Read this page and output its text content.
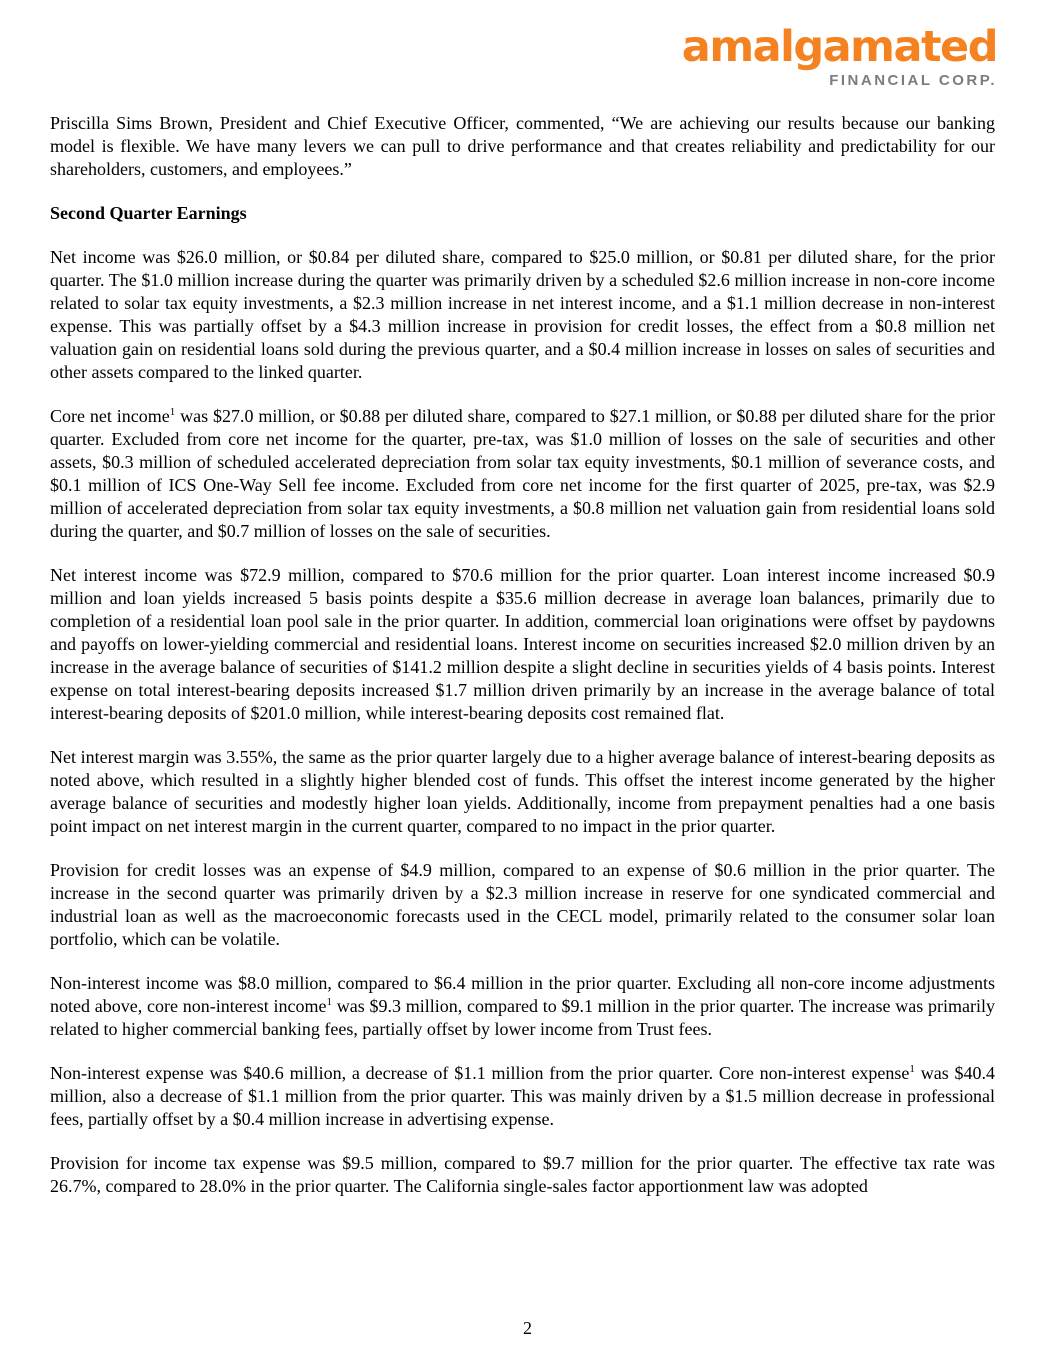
amalgamated
FINANCIAL CORP.

Priscilla Sims Brown, President and Chief Executive Officer, commented, “We are achieving our results because our banking model is flexible. We have many levers we can pull to drive performance and that creates reliability and predictability for our shareholders, customers, and employees.”

Second Quarter Earnings

Net income was $26.0 million, or $0.84 per diluted share, compared to $25.0 million, or $0.81 per diluted share, for the prior quarter. The $1.0 million increase during the quarter was primarily driven by a scheduled $2.6 million increase in non-core income related to solar tax equity investments, a $2.3 million increase in net interest income, and a $1.1 million decrease in non-interest expense. This was partially offset by a $4.3 million increase in provision for credit losses, the effect from a $0.8 million net valuation gain on residential loans sold during the previous quarter, and a $0.4 million increase in losses on sales of securities and other assets compared to the linked quarter.

Core net income$^1$ was $27.0 million, or $0.88 per diluted share, compared to $27.1 million, or $0.88 per diluted share for the prior quarter. Excluded from core net income for the quarter, pre-tax, was $1.0 million of losses on the sale of securities and other assets, $0.3 million of scheduled accelerated depreciation from solar tax equity investments, $0.1 million of severance costs, and $0.1 million of ICS One-Way Sell fee income. Excluded from core net income for the first quarter of 2025, pre-tax, was $2.9 million of accelerated depreciation from solar tax equity investments, a $0.8 million net valuation gain from residential loans sold during the quarter, and $0.7 million of losses on the sale of securities.

Net interest income was $72.9 million, compared to $70.6 million for the prior quarter. Loan interest income increased $0.9 million and loan yields increased 5 basis points despite a $35.6 million decrease in average loan balances, primarily due to completion of a residential loan pool sale in the prior quarter. In addition, commercial loan originations were offset by paydowns and payoffs on lower-yielding commercial and residential loans. Interest income on securities increased $2.0 million driven by an increase in the average balance of securities of $141.2 million despite a slight decline in securities yields of 4 basis points. Interest expense on total interest-bearing deposits increased $1.7 million driven primarily by an increase in the average balance of total interest-bearing deposits of $201.0 million, while interest-bearing deposits cost remained flat.

Net interest margin was 3.55%, the same as the prior quarter largely due to a higher average balance of interest-bearing deposits as noted above, which resulted in a slightly higher blended cost of funds. This offset the interest income generated by the higher average balance of securities and modestly higher loan yields. Additionally, income from prepayment penalties had a one basis point impact on net interest margin in the current quarter, compared to no impact in the prior quarter.

Provision for credit losses was an expense of $4.9 million, compared to an expense of $0.6 million in the prior quarter. The increase in the second quarter was primarily driven by a $2.3 million increase in reserve for one syndicated commercial and industrial loan as well as the macroeconomic forecasts used in the CECL model, primarily related to the consumer solar loan portfolio, which can be volatile.

Non-interest income was $8.0 million, compared to $6.4 million in the prior quarter. Excluding all non-core income adjustments noted above, core non-interest income$^1$ was $9.3 million, compared to $9.1 million in the prior quarter. The increase was primarily related to higher commercial banking fees, partially offset by lower income from Trust fees.

Non-interest expense was $40.6 million, a decrease of $1.1 million from the prior quarter. Core non-interest expense$^1$ was $40.4 million, also a decrease of $1.1 million from the prior quarter. This was mainly driven by a $1.5 million decrease in professional fees, partially offset by a $0.4 million increase in advertising expense.

Provision for income tax expense was $9.5 million, compared to $9.7 million for the prior quarter. The effective tax rate was 26.7%, compared to 28.0% in the prior quarter. The California single-sales factor apportionment law was adopted

2
